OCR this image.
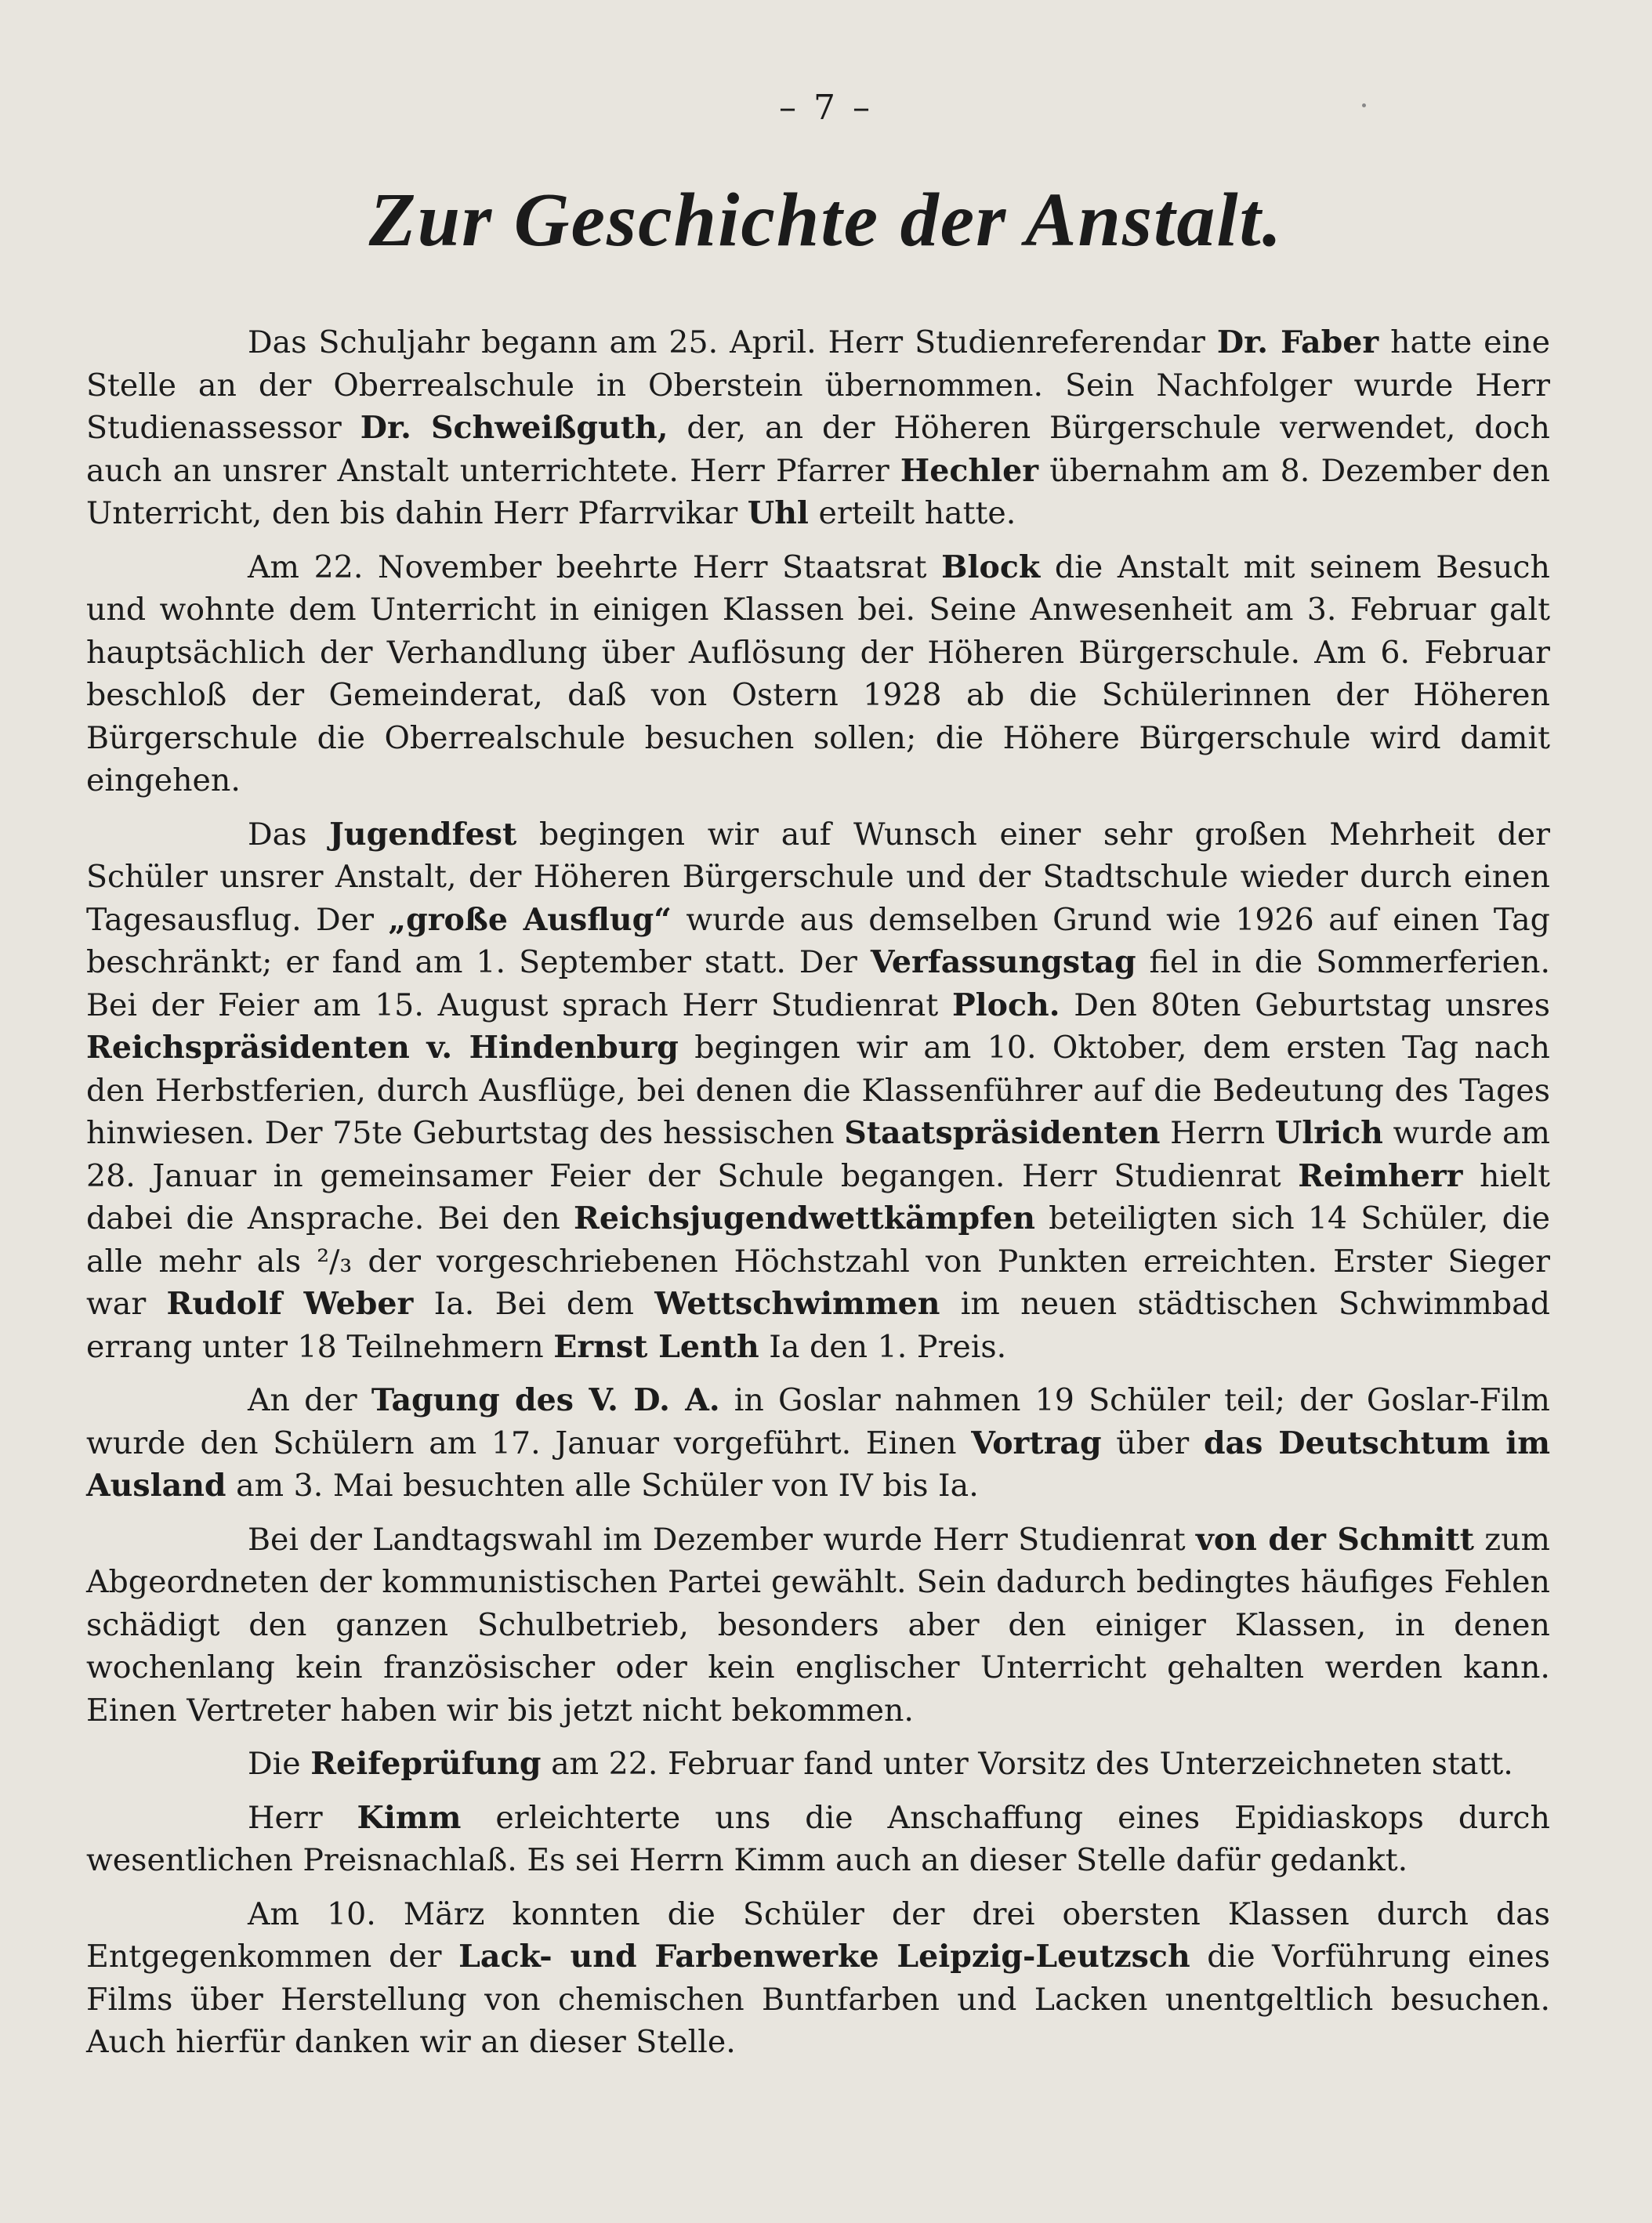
– 7 –
Zur Geschichte der Anstalt.

Das Schuljahr begann am 25. April. Herr Studienreferendar Dr. Faber hatte eine Stelle an der Oberrealschule in Oberstein übernommen. Sein Nachfolger wurde Herr Studienassessor Dr. Schweißguth, der, an der Höheren Bürgerschule verwendet, doch auch an unsrer Anstalt unterrichtete. Herr Pfarrer Hechler übernahm am 8. Dezember den Unterricht, den bis dahin Herr Pfarrvikar Uhl erteilt hatte.

Am 22. November beehrte Herr Staatsrat Block die Anstalt mit seinem Besuch und wohnte dem Unterricht in einigen Klassen bei. Seine Anwesenheit am 3. Februar galt hauptsächlich der Verhandlung über Auflösung der Höheren Bürgerschule. Am 6. Februar beschloß der Gemeinderat, daß von Ostern 1928 ab die Schülerinnen der Höheren Bürgerschule die Oberrealschule besuchen sollen; die Höhere Bürgerschule wird damit eingehen.

Das Jugendfest begingen wir auf Wunsch einer sehr großen Mehrheit der Schüler unsrer Anstalt, der Höheren Bürgerschule und der Stadtschule wieder durch einen Tagesausflug. Der „große Ausflug“ wurde aus demselben Grund wie 1926 auf einen Tag beschränkt; er fand am 1. September statt. Der Verfassungstag fiel in die Sommerferien. Bei der Feier am 15. August sprach Herr Studienrat Ploch. Den 80ten Geburtstag unsres Reichspräsidenten v. Hindenburg begingen wir am 10. Oktober, dem ersten Tag nach den Herbstferien, durch Ausflüge, bei denen die Klassenführer auf die Bedeutung des Tages hinwiesen. Der 75te Geburtstag des hessischen Staatspräsidenten Herrn Ulrich wurde am 28. Januar in gemeinsamer Feier der Schule begangen. Herr Studienrat Reimherr hielt dabei die Ansprache. Bei den Reichsjugendwettkämpfen beteiligten sich 14 Schüler, die alle mehr als ²/₃ der vorgeschriebenen Höchstzahl von Punkten erreichten. Erster Sieger war Rudolf Weber Ia. Bei dem Wettschwimmen im neuen städtischen Schwimmbad errang unter 18 Teilnehmern Ernst Lenth Ia den 1. Preis.

An der Tagung des V. D. A. in Goslar nahmen 19 Schüler teil; der Goslar-Film wurde den Schülern am 17. Januar vorgeführt. Einen Vortrag über das Deutschtum im Ausland am 3. Mai besuchten alle Schüler von IV bis Ia.

Bei der Landtagswahl im Dezember wurde Herr Studienrat von der Schmitt zum Abgeordneten der kommunistischen Partei gewählt. Sein dadurch bedingtes häufiges Fehlen schädigt den ganzen Schulbetrieb, besonders aber den einiger Klassen, in denen wochenlang kein französischer oder kein englischer Unterricht gehalten werden kann. Einen Vertreter haben wir bis jetzt nicht bekommen.

Die Reifeprüfung am 22. Februar fand unter Vorsitz des Unterzeichneten statt.

Herr Kimm erleichterte uns die Anschaffung eines Epidiaskops durch wesentlichen Preisnachlaß. Es sei Herrn Kimm auch an dieser Stelle dafür gedankt.

Am 10. März konnten die Schüler der drei obersten Klassen durch das Entgegenkommen der Lack- und Farbenwerke Leipzig-Leutzsch die Vorführung eines Films über Herstellung von chemischen Buntfarben und Lacken unentgeltlich besuchen. Auch hierfür danken wir an dieser Stelle.
